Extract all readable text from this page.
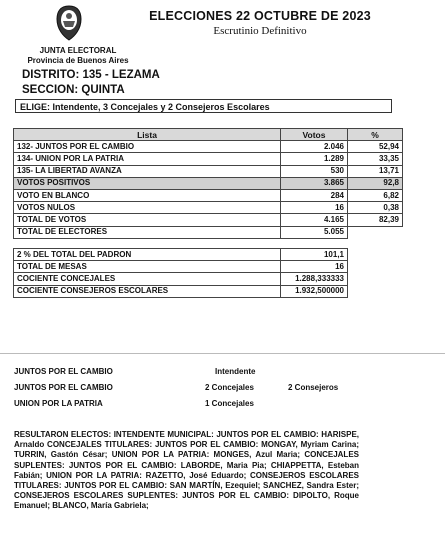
ELECCIONES 22 OCTUBRE DE 2023
Escrutinio Definitivo
JUNTA ELECTORAL
Provincia de Buenos Aires
DISTRITO: 135 - LEZAMA
SECCION: QUINTA
ELIGE: Intendente, 3 Concejales y 2 Consejeros Escolares
Lista	Votos	%
132- JUNTOS POR EL CAMBIO	2.046	52,94
134- UNION POR LA PATRIA	1.289	33,35
135- LA LIBERTAD AVANZA	530	13,71
VOTOS POSITIVOS	3.865	92,8
VOTO EN BLANCO	284	6,82
VOTOS NULOS	16	0,38
TOTAL DE VOTOS	4.165	82,39
TOTAL DE ELECTORES	5.055	
2 % DEL TOTAL DEL PADRON	101,1
TOTAL DE MESAS	16
COCIENTE CONCEJALES	1.288,333333
COCIENTE CONSEJEROS ESCOLARES	1.932,500000
JUNTOS POR EL CAMBIO	Intendente
JUNTOS POR EL CAMBIO	2 Concejales	2 Consejeros
UNION POR LA PATRIA	1 Concejales
RESULTARON ELECTOS: INTENDENTE MUNICIPAL: JUNTOS POR EL CAMBIO: HARISPE, Arnaldo CONCEJALES TITULARES: JUNTOS POR EL CAMBIO: MONGAY, Myriam Carina; TURRIN, Gastón César; UNION POR LA PATRIA: MONGES, Azul Maria; CONCEJALES SUPLENTES: JUNTOS POR EL CAMBIO: LABORDE, Maria Pia; CHIAPPETTA, Esteban Fabián; UNION POR LA PATRIA: RAZETTO, José Eduardo; CONSEJEROS ESCOLARES TITULARES: JUNTOS POR EL CAMBIO: SAN MARTÍN, Ezequiel; SANCHEZ, Sandra Ester; CONSEJEROS ESCOLARES SUPLENTES: JUNTOS POR EL CAMBIO: DIPOLTO, Roque Emanuel; BLANCO, María Gabriela;
